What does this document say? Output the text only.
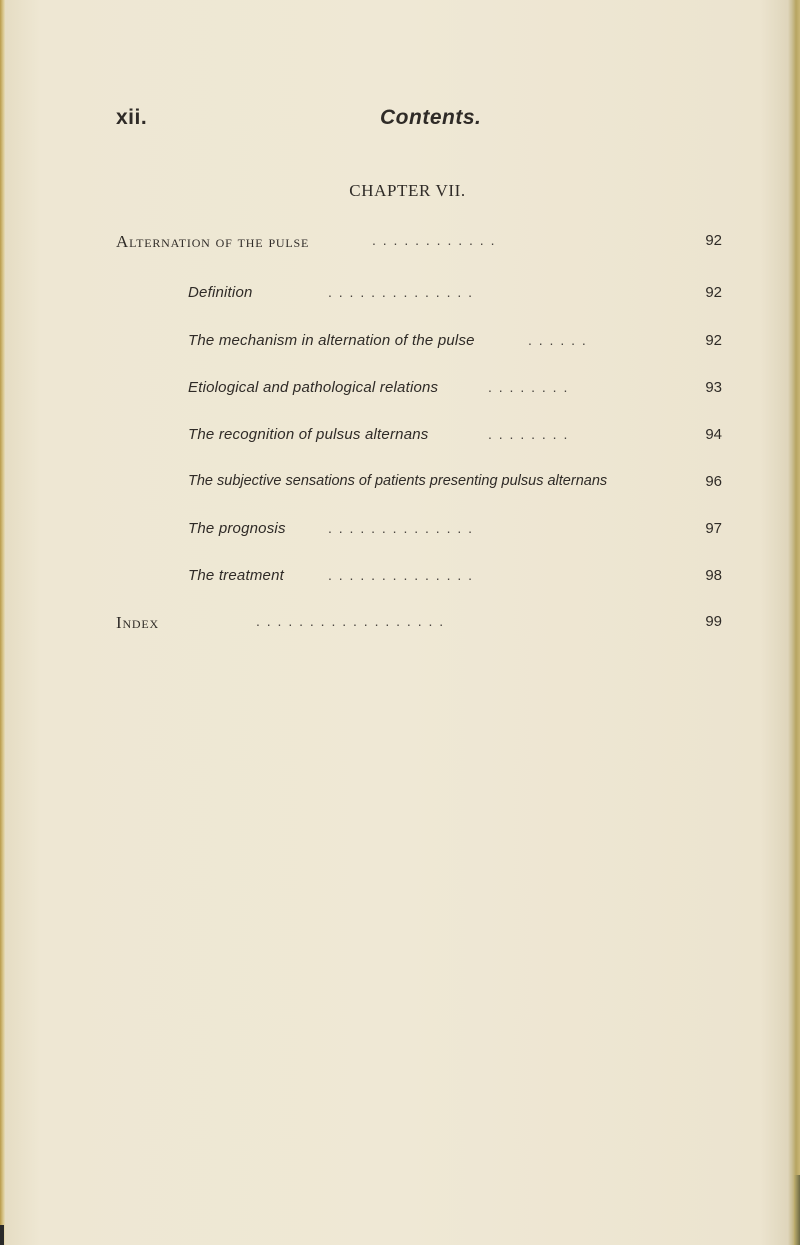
xii.	Contents.
CHAPTER VII.
Alternation of the pulse	. . . . . . . . . . . .	92
Definition	. . . . . . . . . . . . . .	92
The mechanism in alternation of the pulse	. . . . . .	92
Etiological and pathological relations	. . . . . . . .	93
The recognition of pulsus alternans	. . . . . . . .	94
The subjective sensations of patients presenting pulsus alternans	96
The prognosis	. . . . . . . . . . . . . .	97
The treatment	. . . . . . . . . . . . . .	98
Index	. . . . . . . . . . . . . . . . . .	99
